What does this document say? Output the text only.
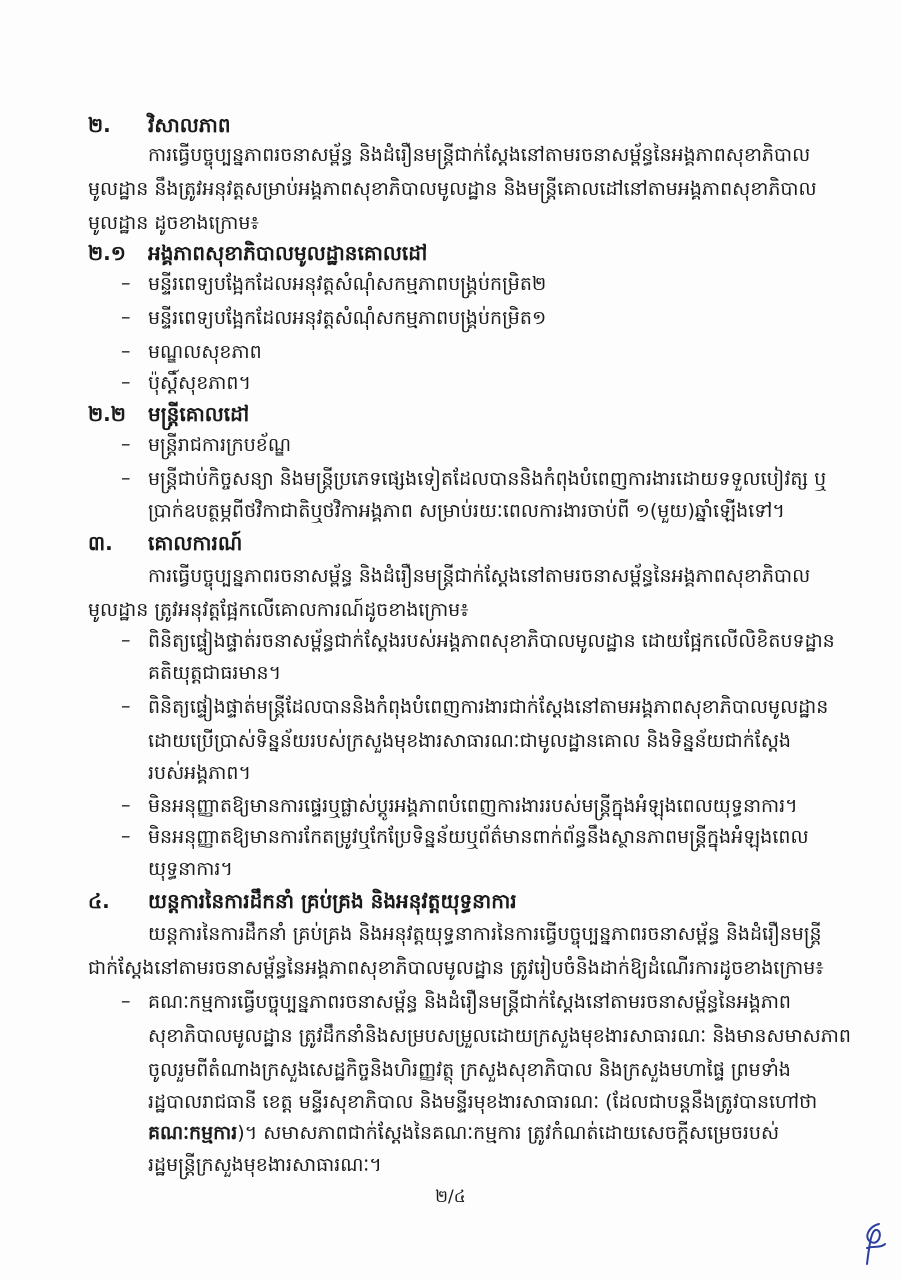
២. វិសាលភាព
ការធ្វើបច្ចុប្បន្នភាពរចនាសម្ព័ន្ធ និងដំរឿនមន្ត្រីជាក់ស្តែងនៅតាមរចនាសម្ព័ន្ធនៃអង្គភាពសុខាភិបាល
មូលដ្ឋាន នឹងត្រូវអនុវត្តសម្រាប់អង្គភាពសុខាភិបាលមូលដ្ឋាន និងមន្ត្រីគោលដៅនៅតាមអង្គភាពសុខាភិបាល
មូលដ្ឋាន ដូចខាងក្រោម៖
២.១ អង្គភាពសុខាភិបាលមូលដ្ឋានគោលដៅ
– មន្ទីរពេទ្យបង្អែកដែលអនុវត្តសំណុំសកម្មភាពបង្គ្រប់កម្រិត២
– មន្ទីរពេទ្យបង្អែកដែលអនុវត្តសំណុំសកម្មភាពបង្គ្រប់កម្រិត១
– មណ្ឌលសុខភាព
– ប៉ុស្តិ៍សុខភាព។
២.២ មន្ត្រីគោលដៅ
– មន្ត្រីរាជការក្របខ័ណ្ឌ
– មន្ត្រីជាប់កិច្ចសន្យា និងមន្ត្រីប្រភេទផ្សេងទៀតដែលបាននិងកំពុងបំពេញការងារដោយទទួលបៀវត្ស ឬ
ប្រាក់ឧបត្ថម្ភពីថវិកាជាតិឬថវិកាអង្គភាព សម្រាប់រយៈពេលការងារចាប់ពី ១(មួយ)ឆ្នាំឡើងទៅ។
៣. គោលការណ៍
ការធ្វើបច្ចុប្បន្នភាពរចនាសម្ព័ន្ធ និងដំរឿនមន្ត្រីជាក់ស្តែងនៅតាមរចនាសម្ព័ន្ធនៃអង្គភាពសុខាភិបាល
មូលដ្ឋាន ត្រូវអនុវត្តផ្អែកលើគោលការណ៍ដូចខាងក្រោម៖
– ពិនិត្យផ្ទៀងផ្ទាត់រចនាសម្ព័ន្ធជាក់ស្តែងរបស់អង្គភាពសុខាភិបាលមូលដ្ឋាន ដោយផ្អែកលើលិខិតបទដ្ឋាន
គតិយុត្តជាធរមាន។
– ពិនិត្យផ្ទៀងផ្ទាត់មន្ត្រីដែលបាននិងកំពុងបំពេញការងារជាក់ស្តែងនៅតាមអង្គភាពសុខាភិបាលមូលដ្ឋាន
ដោយប្រើប្រាស់ទិន្នន័យរបស់ក្រសួងមុខងារសាធារណៈជាមូលដ្ឋានគោល និងទិន្នន័យជាក់ស្តែង
របស់អង្គភាព។
– មិនអនុញ្ញាតឱ្យមានការផ្ទេរឬផ្លាស់ប្តូរអង្គភាពបំពេញការងាររបស់មន្ត្រីក្នុងអំឡុងពេលយុទ្ធនាការ។
– មិនអនុញ្ញាតឱ្យមានការកែតម្រូវឬកែប្រែទិន្នន័យឬព័ត៌មានពាក់ព័ន្ធនឹងស្ថានភាពមន្ត្រីក្នុងអំឡុងពេល
យុទ្ធនាការ។
៤. យន្តការនៃការដឹកនាំ គ្រប់គ្រង និងអនុវត្តយុទ្ធនាការ
យន្តការនៃការដឹកនាំ គ្រប់គ្រង និងអនុវត្តយុទ្ធនាការនៃការធ្វើបច្ចុប្បន្នភាពរចនាសម្ព័ន្ធ និងដំរឿនមន្ត្រី
ជាក់ស្តែងនៅតាមរចនាសម្ព័ន្ធនៃអង្គភាពសុខាភិបាលមូលដ្ឋាន ត្រូវរៀបចំនិងដាក់ឱ្យដំណើរការដូចខាងក្រោម៖
– គណៈកម្មការធ្វើបច្ចុប្បន្នភាពរចនាសម្ព័ន្ធ និងដំរឿនមន្ត្រីជាក់ស្តែងនៅតាមរចនាសម្ព័ន្ធនៃអង្គភាព
សុខាភិបាលមូលដ្ឋាន ត្រូវដឹកនាំនិងសម្របសម្រួលដោយក្រសួងមុខងារសាធារណៈ និងមានសមាសភាព
ចូលរួមពីតំណាងក្រសួងសេដ្ឋកិច្ចនិងហិរញ្ញវត្ថុ ក្រសួងសុខាភិបាល និងក្រសួងមហាផ្ទៃ ព្រមទាំង
រដ្ឋបាលរាជធានី ខេត្ត មន្ទីរសុខាភិបាល និងមន្ទីរមុខងារសាធារណៈ (ដែលជាបន្តនឹងត្រូវបានហៅថា
គណៈកម្មការ)។ សមាសភាពជាក់ស្តែងនៃគណៈកម្មការ ត្រូវកំណត់ដោយសេចក្តីសម្រេចរបស់
រដ្ឋមន្ត្រីក្រសួងមុខងារសាធារណៈ។
២/៤
